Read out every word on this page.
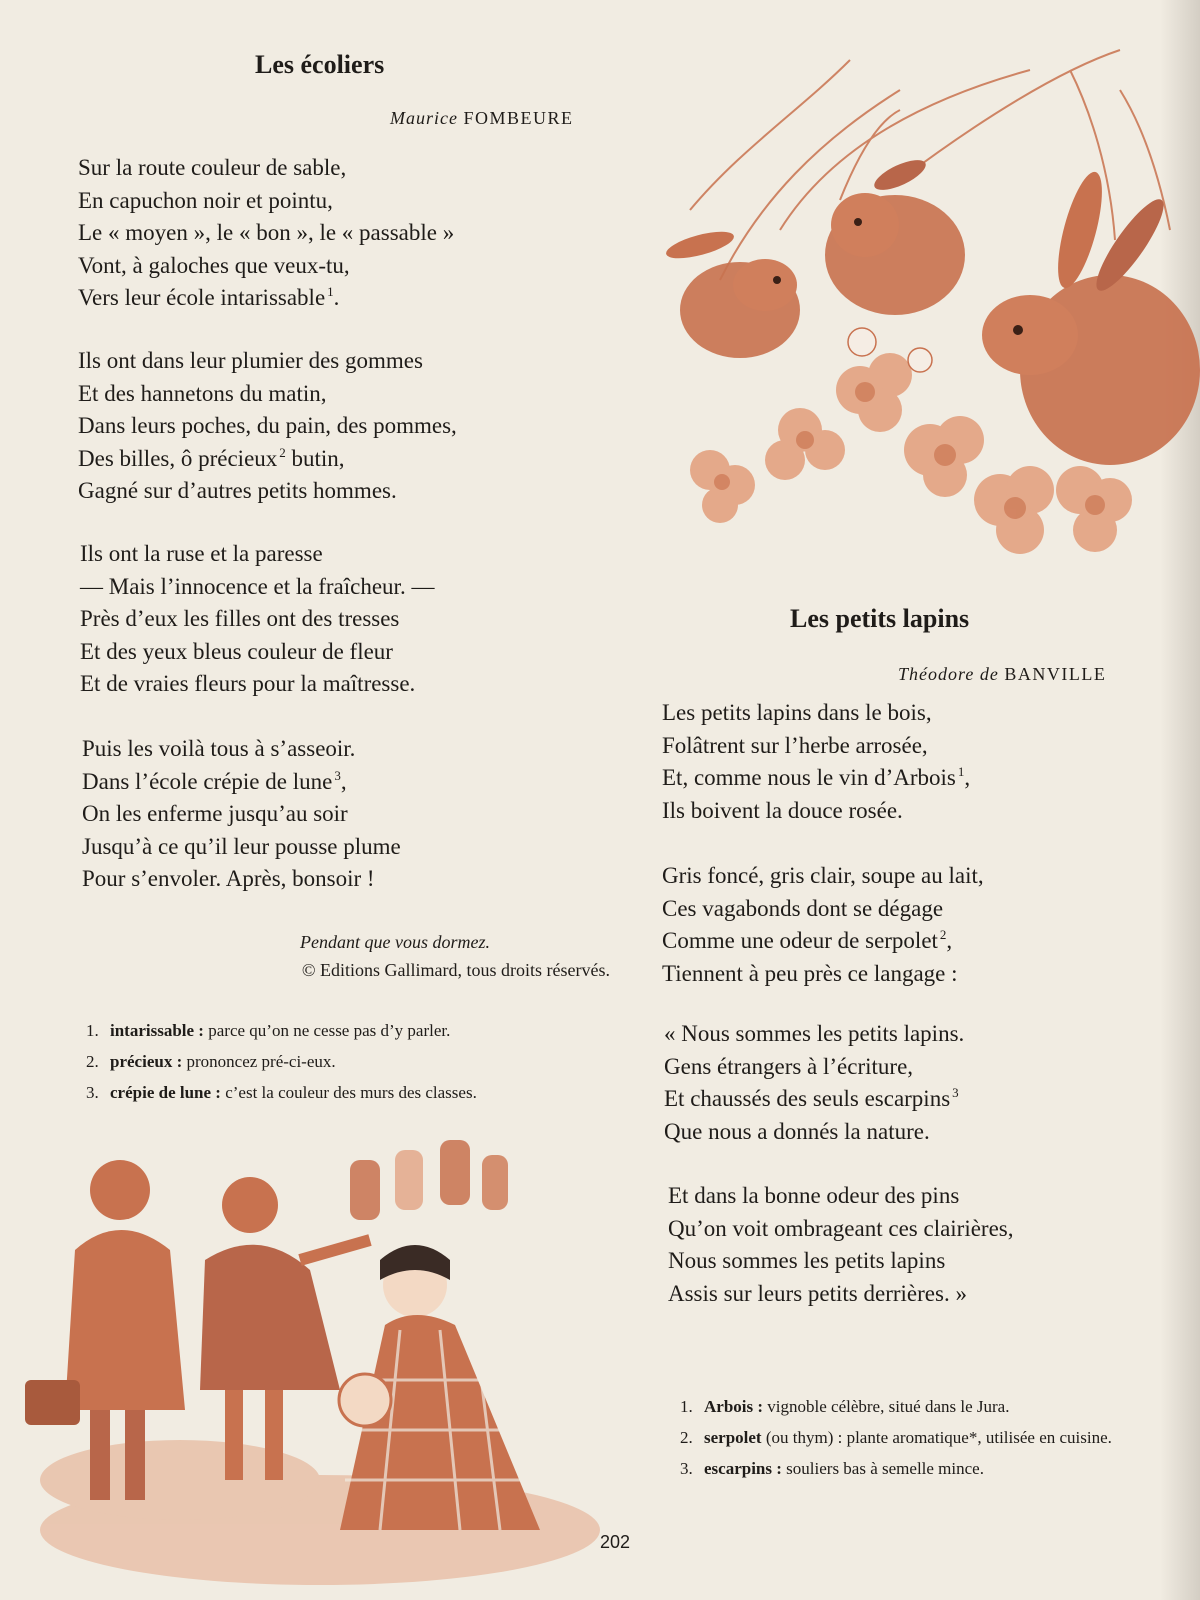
Les écoliers

Maurice FOMBEURE

Sur la route couleur de sable,
En capuchon noir et pointu,
Le « moyen », le « bon », le « passable »
Vont, à galoches que veux-tu,
Vers leur école intarissable $^1$.
Ils ont dans leur plumier des gommes
Et des hannetons du matin,
Dans leurs poches, du pain, des pommes,
Des billes, ô précieux $^2$ butin,
Gagné sur d’autres petits hommes.
Ils ont la ruse et la paresse
— Mais l’innocence et la fraîcheur. —
Près d’eux les filles ont des tresses
Et des yeux bleus couleur de fleur
Et de vraies fleurs pour la maîtresse.
Puis les voilà tous à s’asseoir.
Dans l’école crépie de lune $^3$,
On les enferme jusqu’au soir
Jusqu’à ce qu’il leur pousse plume
Pour s’envoler. Après, bonsoir !
Pendant que vous dormez.
© Editions Gallimard, tous droits réservés.
1. intarissable : parce qu’on ne cesse pas d’y parler.
2. précieux : prononcez pré-ci-eux.
3. crépie de lune : c’est la couleur des murs des classes.
Les petits lapins

Théodore de BANVILLE

Les petits lapins dans le bois,
Folâtrent sur l’herbe arrosée,
Et, comme nous le vin d’Arbois $^1$,
Ils boivent la douce rosée.
Gris foncé, gris clair, soupe au lait,
Ces vagabonds dont se dégage
Comme une odeur de serpolet $^2$,
Tiennent à peu près ce langage :
« Nous sommes les petits lapins.
Gens étrangers à l’écriture,
Et chaussés des seuls escarpins $^3$
Que nous a donnés la nature.
Et dans la bonne odeur des pins
Qu’on voit ombrageant ces clairières,
Nous sommes les petits lapins
Assis sur leurs petits derrières. »
1. Arbois : vignoble célèbre, situé dans le Jura.
2. serpolet (ou thym) : plante aromatique*, utilisée en cuisine.
3. escarpins : souliers bas à semelle mince.
202
